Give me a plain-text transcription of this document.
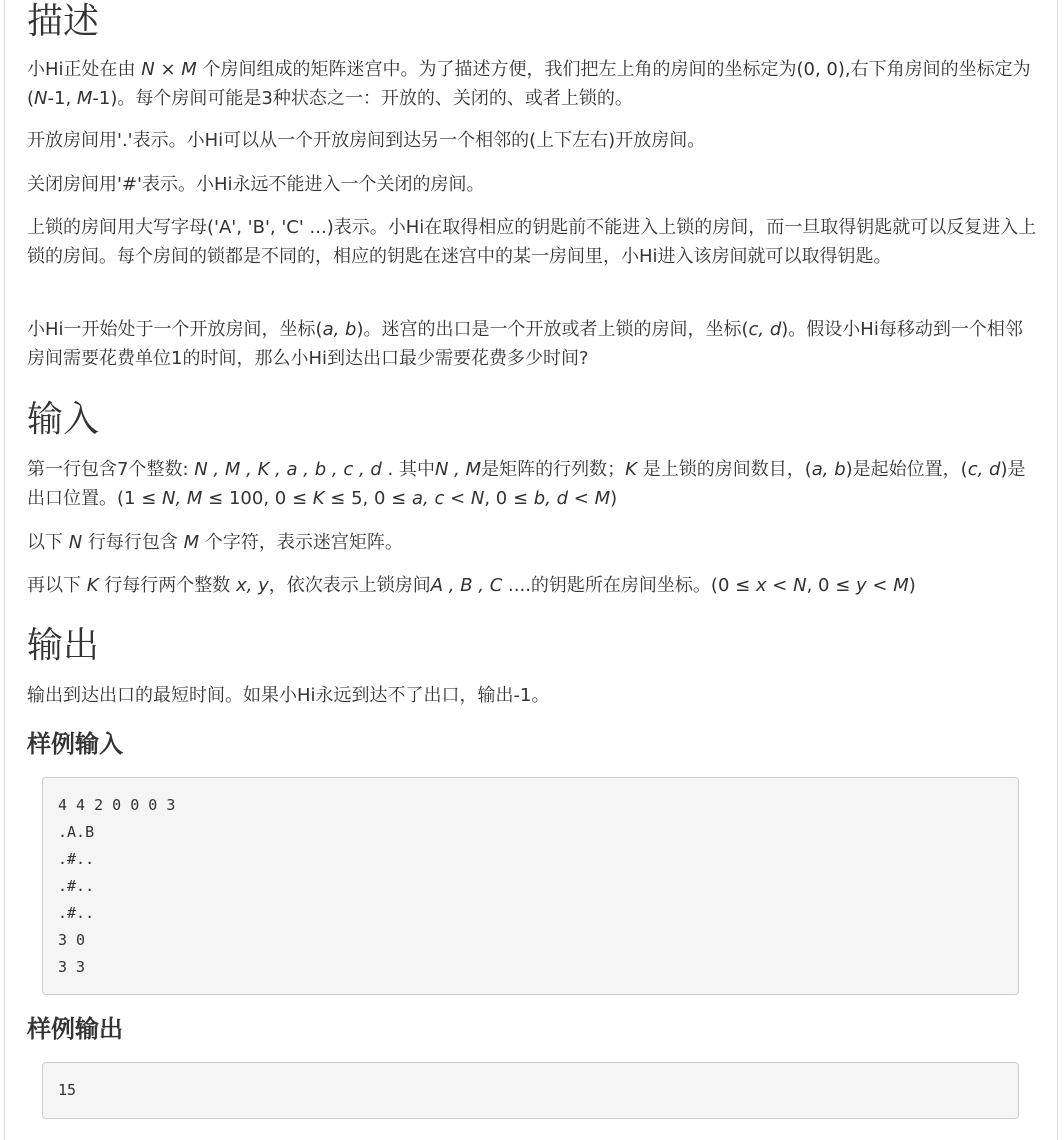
描述

小Hi正处在由 N × M 个房间组成的矩阵迷宫中。为了描述方便，我们把左上角的房间的坐标定为(0, 0),右下角房间的坐标定为(N-1, M-1)。每个房间可能是3种状态之一：开放的、关闭的、或者上锁的。

开放房间用'.'表示。小Hi可以从一个开放房间到达另一个相邻的(上下左右)开放房间。

关闭房间用'#'表示。小Hi永远不能进入一个关闭的房间。

上锁的房间用大写字母('A', 'B', 'C' ...)表示。小Hi在取得相应的钥匙前不能进入上锁的房间，而一旦取得钥匙就可以反复进入上锁的房间。每个房间的锁都是不同的，相应的钥匙在迷宫中的某一房间里，小Hi进入该房间就可以取得钥匙。

小Hi一开始处于一个开放房间，坐标(a, b)。迷宫的出口是一个开放或者上锁的房间，坐标(c, d)。假设小Hi每移动到一个相邻房间需要花费单位1的时间，那么小Hi到达出口最少需要花费多少时间?

输入

第一行包含7个整数: N , M , K , a , b , c , d . 其中N , M是矩阵的行列数；K 是上锁的房间数目，(a, b)是起始位置，(c, d)是出口位置。(1 ≤ N, M ≤ 100, 0 ≤ K ≤ 5, 0 ≤ a, c < N, 0 ≤ b, d < M)

以下 N 行每行包含 M 个字符，表示迷宫矩阵。

再以下 K 行每行两个整数 x, y，依次表示上锁房间A , B , C ....的钥匙所在房间坐标。(0 ≤ x < N, 0 ≤ y < M)

输出

输出到达出口的最短时间。如果小Hi永远到达不了出口，输出-1。

样例输入
4 4 2 0 0 0 3
.A.B
.#..
.#..
.#..
3 0
3 3
样例输出
15
